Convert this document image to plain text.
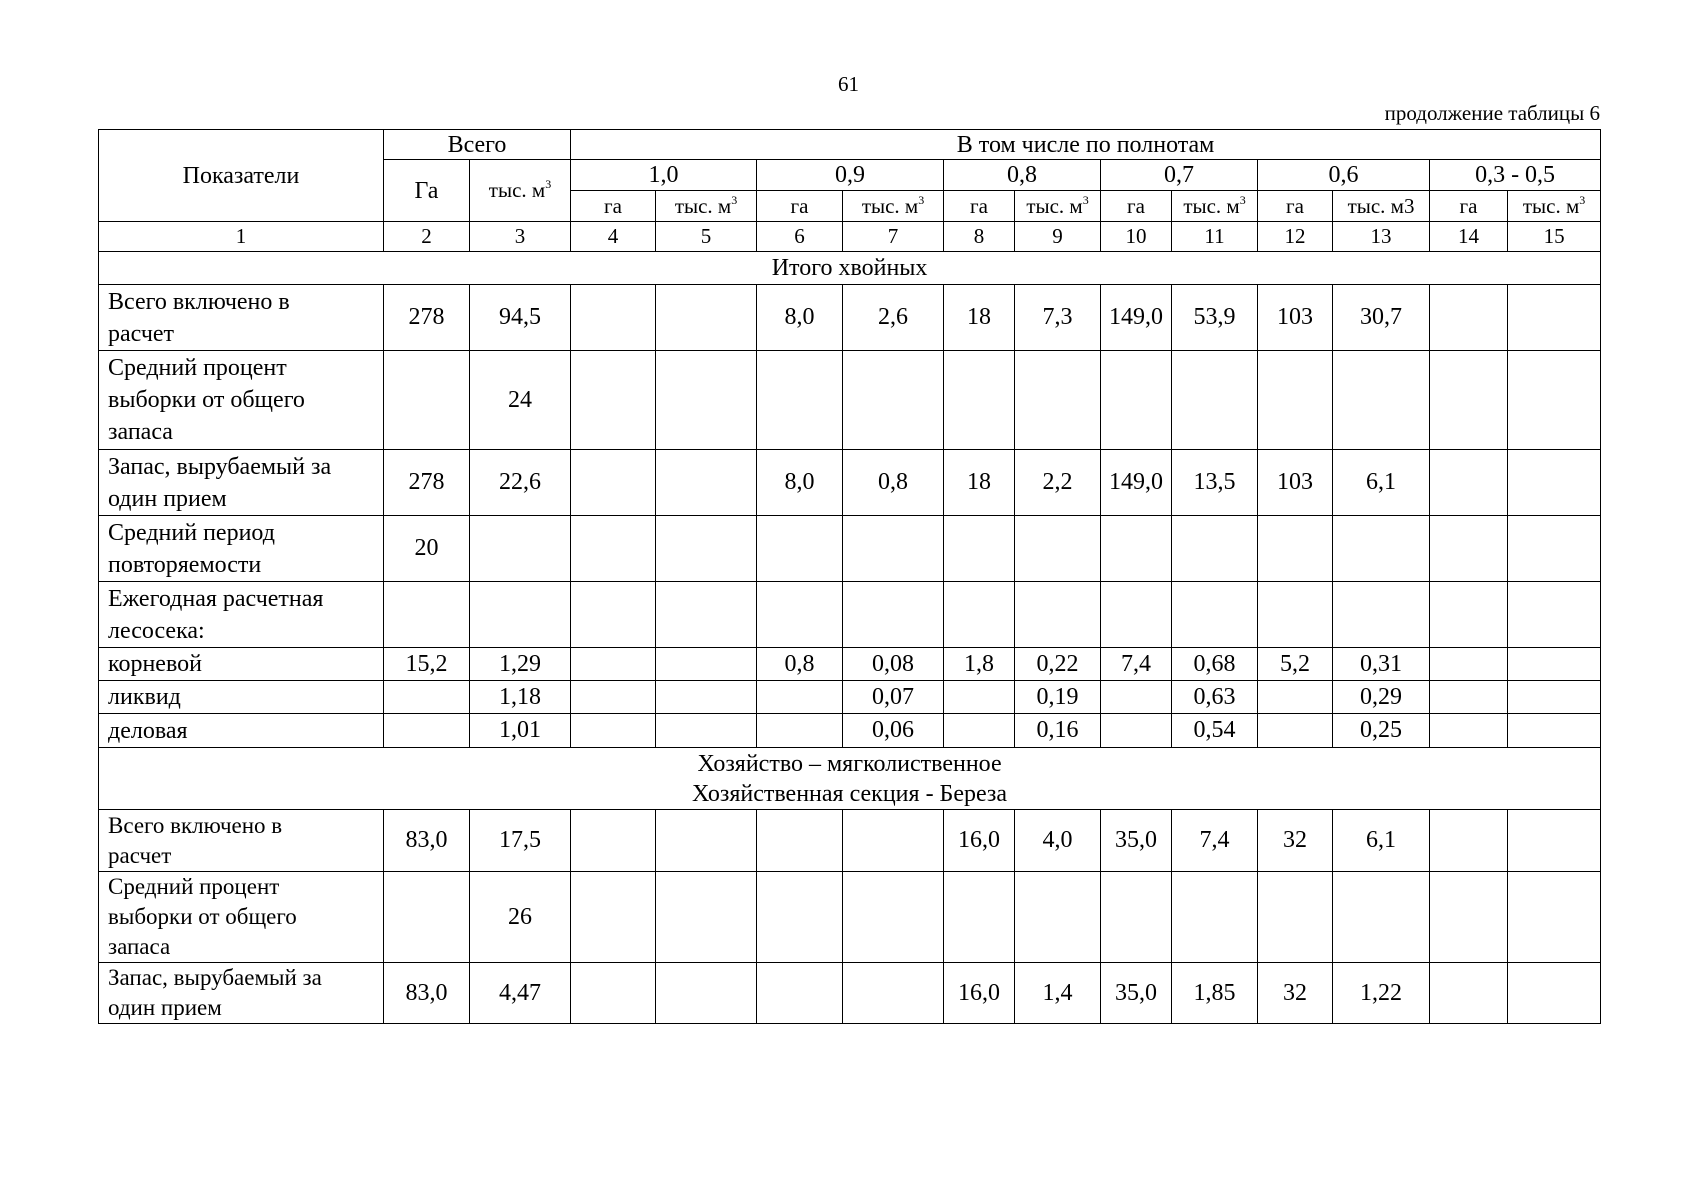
61
продолжение таблицы 6
Показатели	Всего		В том числе по полнотам											
	Га	тыс. $м^3$	1,0		0,9		0,8		0,7		0,6		0,3 - 0,5	
			га	тыс. $м^3$	га	тыс. $м^3$	га	тыс. $м^3$	га	тыс. $м^3$	га	тыс. м3	га	тыс. $м^3$
1	2	3	4	5	6	7	8	9	10	11	12	13	14	15
Итого хвойных														

Всего включено в
расчет	278	94,5			8,0	2,6	18	7,3	149,0	53,9	103	30,7		

Средний процент
выборки от общего
запаса		24												

Запас, вырубаемый за
один прием	278	22,6			8,0	0,8	18	2,2	149,0	13,5	103	6,1		

Средний период
повторяемости	20													

Ежегодная расчетная
лесосека:														

корневой	15,2	1,29			0,8	0,08	1,8	0,22	7,4	0,68	5,2	0,31		

ликвид		1,18				0,07		0,19		0,63		0,29		

деловая		1,01				0,06		0,16		0,54		0,25		

Хозяйство – мягколиственное
Хозяйственная секция - Береза														

Всего включено в
расчет	83,0	17,5					16,0	4,0	35,0	7,4	32	6,1		

Средний процент
выборки от общего
запаса		26												

Запас, вырубаемый за
один прием	83,0	4,47					16,0	1,4	35,0	1,85	32	1,22		
